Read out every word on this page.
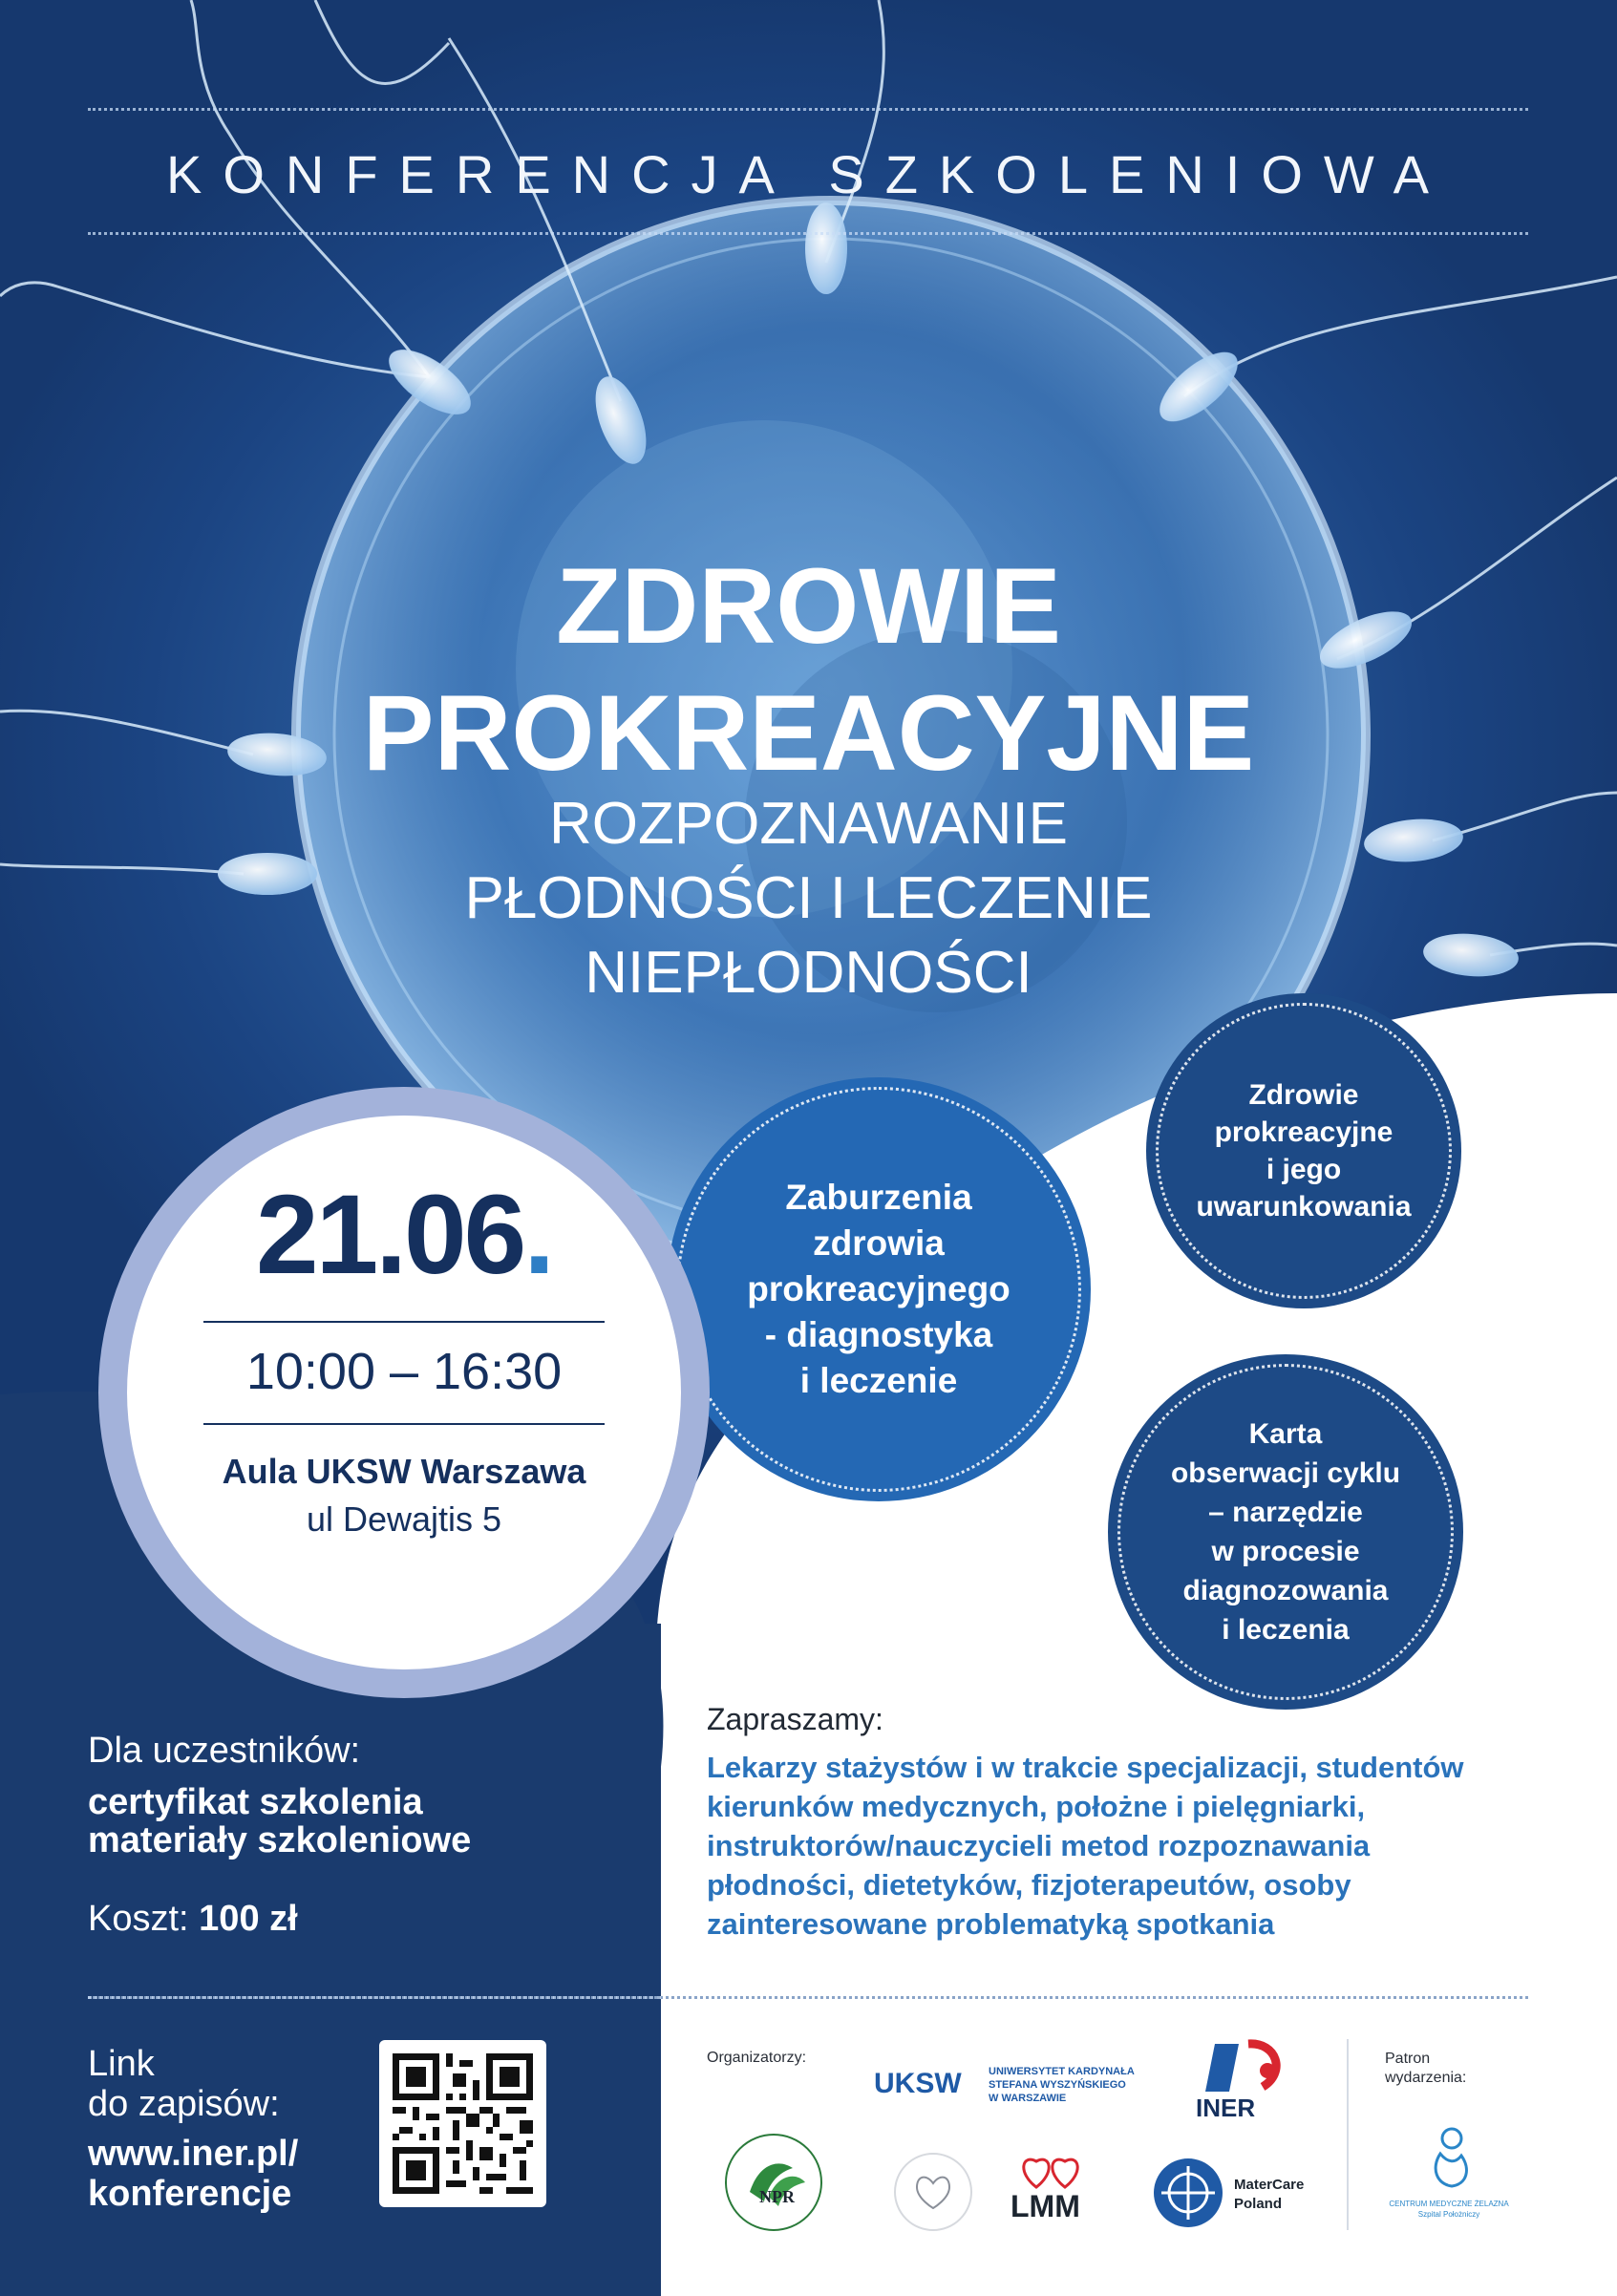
KONFERENCJA SZKOLENIOWA
ZDROWIE
PROKREACYJNE
ROZPOZNAWANIE
PŁODNOŚCI I LECZENIE
NIEPŁODNOŚCI
Zaburzenia
zdrowia
prokreacyjnego
- diagnostyka
i leczenie
Zdrowie
prokreacyjne
i jego
uwarunkowania
Karta
obserwacji cyklu
– narzędzie
w procesie
diagnozowania
i leczenia
21.06.
10:00 – 16:30
Aula UKSW Warszawa
ul Dewajtis 5
Dla uczestników:
certyfikat szkolenia
materiały szkoleniowe
Koszt: 100 zł
Zapraszamy:
Lekarzy stażystów i w trakcie specjalizacji, studentów
kierunków medycznych, położne i pielęgniarki,
instruktorów/nauczycieli metod rozpoznawania
płodności, dietetyków, fizjoterapeutów, osoby
zainteresowane problematyką spotkania
Link
do zapisów:
www.iner.pl/
konferencje
Organizatorzy:
UKSW	UNIWERSYTET KARDYNAŁA
STEFANA WYSZYŃSKIEGO
W WARSZAWIE	INER
NPR	LMM
MaterCare
Poland
Patron
wydarzenia:
CENTRUM MEDYCZNE ŻELAZNA
Szpital Położniczy
